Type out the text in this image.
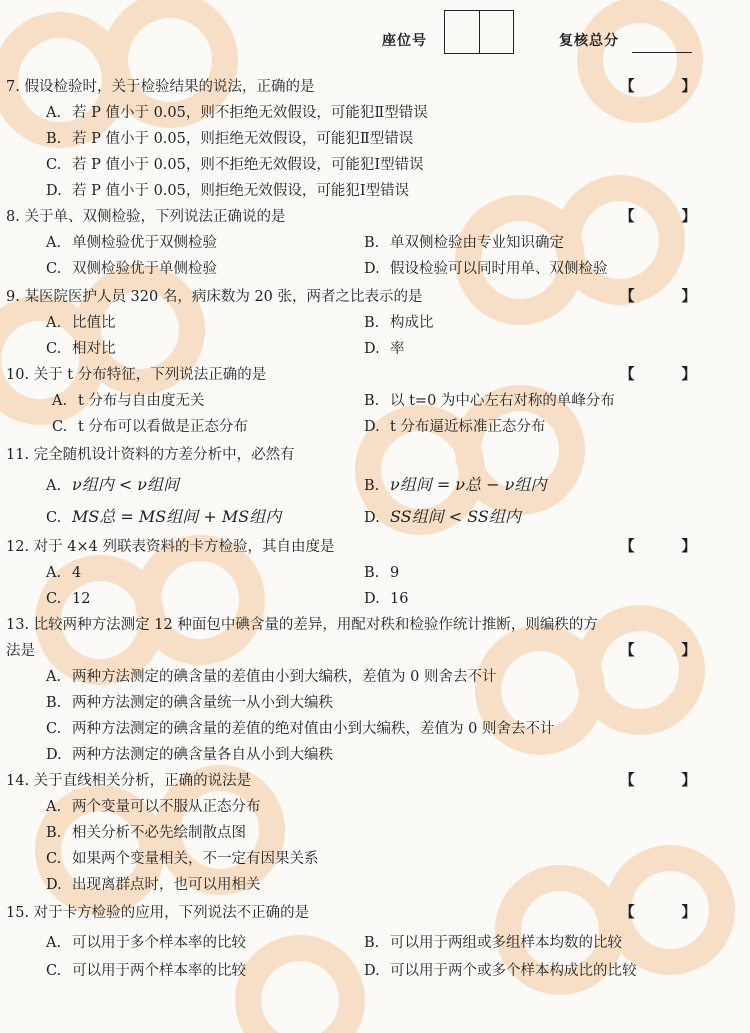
座位号	复核总分
7. 假设检验时，关于检验结果的说法，正确的是	【	】
A. 若 P 值小于 0.05，则不拒绝无效假设，可能犯Ⅱ型错误
B. 若 P 值小于 0.05，则拒绝无效假设，可能犯Ⅱ型错误
C. 若 P 值小于 0.05，则不拒绝无效假设，可能犯Ⅰ型错误
D. 若 P 值小于 0.05，则拒绝无效假设，可能犯Ⅰ型错误
8. 关于单、双侧检验，下列说法正确说的是	【	】
A. 单侧检验优于双侧检验	B. 单双侧检验由专业知识确定
C. 双侧检验优于单侧检验	D. 假设检验可以同时用单、双侧检验
9. 某医院医护人员 320 名，病床数为 20 张，两者之比表示的是	【	】
A. 比值比	B. 构成比
C. 相对比	D. 率
10. 关于 t 分布特征，下列说法正确的是	【	】
A. t 分布与自由度无关	B. 以 t=0 为中心左右对称的单峰分布
C. t 分布可以看做是正态分布	D. t 分布逼近标准正态分布
11. 完全随机设计资料的方差分析中，必然有
A. ν组内 < ν组间	B. ν组间 = ν总 − ν组内
C. MS总 = MS组间 + MS组内	D. SS组间 < SS组内
12. 对于 4×4 列联表资料的卡方检验，其自由度是	【	】
A. 4	B. 9
C. 12	D. 16
13. 比较两种方法测定 12 种面包中碘含量的差异，用配对秩和检验作统计推断，则编秩的方
法是	【	】
A. 两种方法测定的碘含量的差值由小到大编秩，差值为 0 则舍去不计
B. 两种方法测定的碘含量统一从小到大编秩
C. 两种方法测定的碘含量的差值的绝对值由小到大编秩，差值为 0 则舍去不计
D. 两种方法测定的碘含量各自从小到大编秩
14. 关于直线相关分析，正确的说法是	【	】
A. 两个变量可以不服从正态分布
B. 相关分析不必先绘制散点图
C. 如果两个变量相关，不一定有因果关系
D. 出现离群点时，也可以用相关
15. 对于卡方检验的应用，下列说法不正确的是	【	】
A. 可以用于多个样本率的比较	B. 可以用于两组或多组样本均数的比较
C. 可以用于两个样本率的比较	D. 可以用于两个或多个样本构成比的比较
